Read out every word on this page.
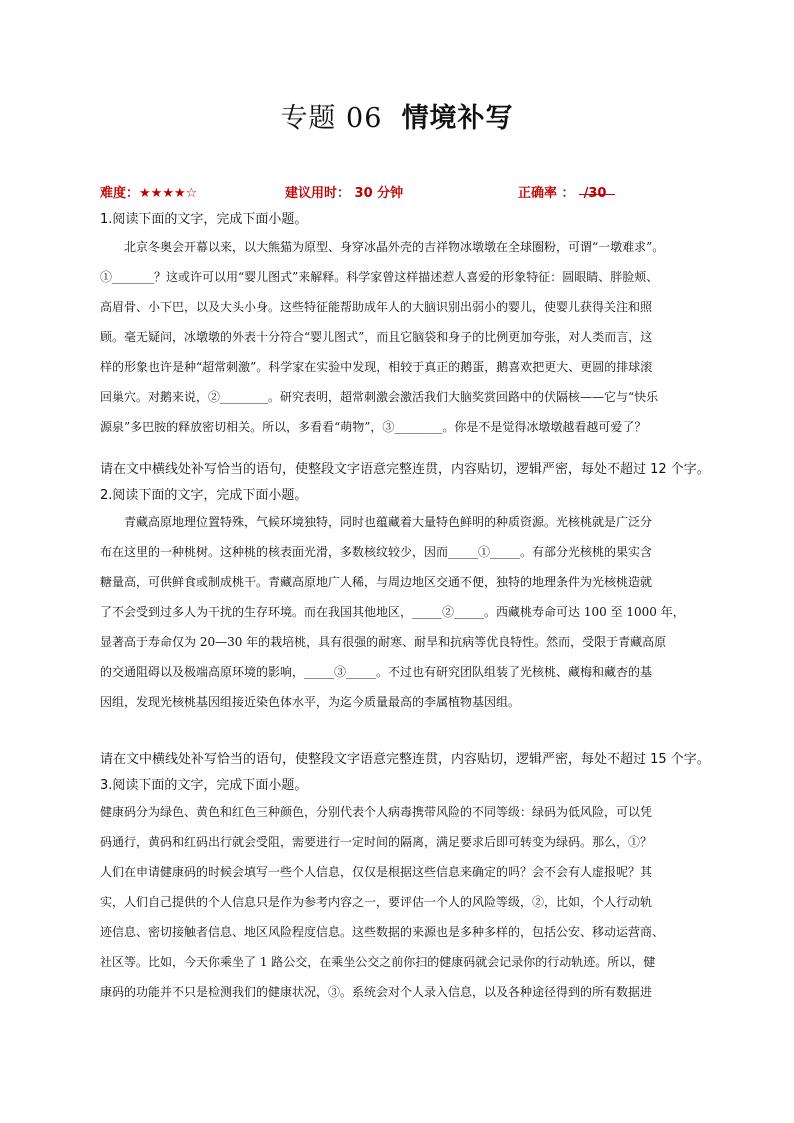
专题 06 情境补写
难度：★★★★☆	建议用时： 30 分钟	正确率 ： /30
1.阅读下面的文字，完成下面小题。
北京冬奥会开幕以来，以大熊猫为原型、身穿冰晶外壳的吉祥物冰墩墩在全球圈粉，可谓“一墩难求”。
①_______？这或许可以用“婴儿图式”来解释。科学家曾这样描述惹人喜爱的形象特征：圆眼睛、胖脸颊、
高眉骨、小下巴，以及大头小身。这些特征能帮助成年人的大脑识别出弱小的婴儿，使婴儿获得关注和照
顾。毫无疑问，冰墩墩的外表十分符合“婴儿图式”，而且它脑袋和身子的比例更加夸张，对人类而言，这
样的形象也许是种“超常刺激”。科学家在实验中发现，相较于真正的鹅蛋，鹅喜欢把更大、更圆的排球滚
回巢穴。对鹅来说，②________。研究表明，超常刺激会激活我们大脑奖赏回路中的伏隔核——它与“快乐
源泉”多巴胺的释放密切相关。所以，多看看“萌物”，③________。你是不是觉得冰墩墩越看越可爱了？
请在文中横线处补写恰当的语句，使整段文字语意完整连贯，内容贴切，逻辑严密，每处不超过 12 个字。
2.阅读下面的文字，完成下面小题。
青藏高原地理位置特殊，气候环境独特，同时也蕴藏着大量特色鲜明的种质资源。光核桃就是广泛分
布在这里的一种桃树。这种桃的核表面光滑，多数核纹较少，因而_____①_____。有部分光核桃的果实含
糖量高，可供鲜食或制成桃干。青藏高原地广人稀，与周边地区交通不便，独特的地理条件为光核桃造就
了不会受到过多人为干扰的生存环境。而在我国其他地区，_____②_____。西藏桃寿命可达 100 至 1000 年，
显著高于寿命仅为 20—30 年的栽培桃，具有很强的耐寒、耐旱和抗病等优良特性。然而，受限于青藏高原
的交通阻碍以及极端高原环境的影响，_____③_____。不过也有研究团队组装了光核桃、藏梅和藏杏的基
因组，发现光核桃基因组接近染色体水平，为迄今质量最高的李属植物基因组。
请在文中横线处补写恰当的语句，使整段文字语意完整连贯，内容贴切，逻辑严密，每处不超过 15 个字。
3.阅读下面的文字，完成下面小题。
健康码分为绿色、黄色和红色三种颜色，分别代表个人病毒携带风险的不同等级：绿码为低风险，可以凭
码通行，黄码和红码出行就会受阻，需要进行一定时间的隔离，满足要求后即可转变为绿码。那么，①？
人们在申请健康码的时候会填写一些个人信息，仅仅是根据这些信息来确定的吗？会不会有人虚报呢？其
实，人们自己提供的个人信息只是作为参考内容之一，要评估一个人的风险等级，②，比如，个人行动轨
迹信息、密切接触者信息、地区风险程度信息。这些数据的来源也是多种多样的，包括公安、移动运营商、
社区等。比如，今天你乘坐了 1 路公交，在乘坐公交之前你扫的健康码就会记录你的行动轨迹。所以，健
康码的功能并不只是检测我们的健康状况，③。系统会对个人录入信息，以及各种途径得到的所有数据进
